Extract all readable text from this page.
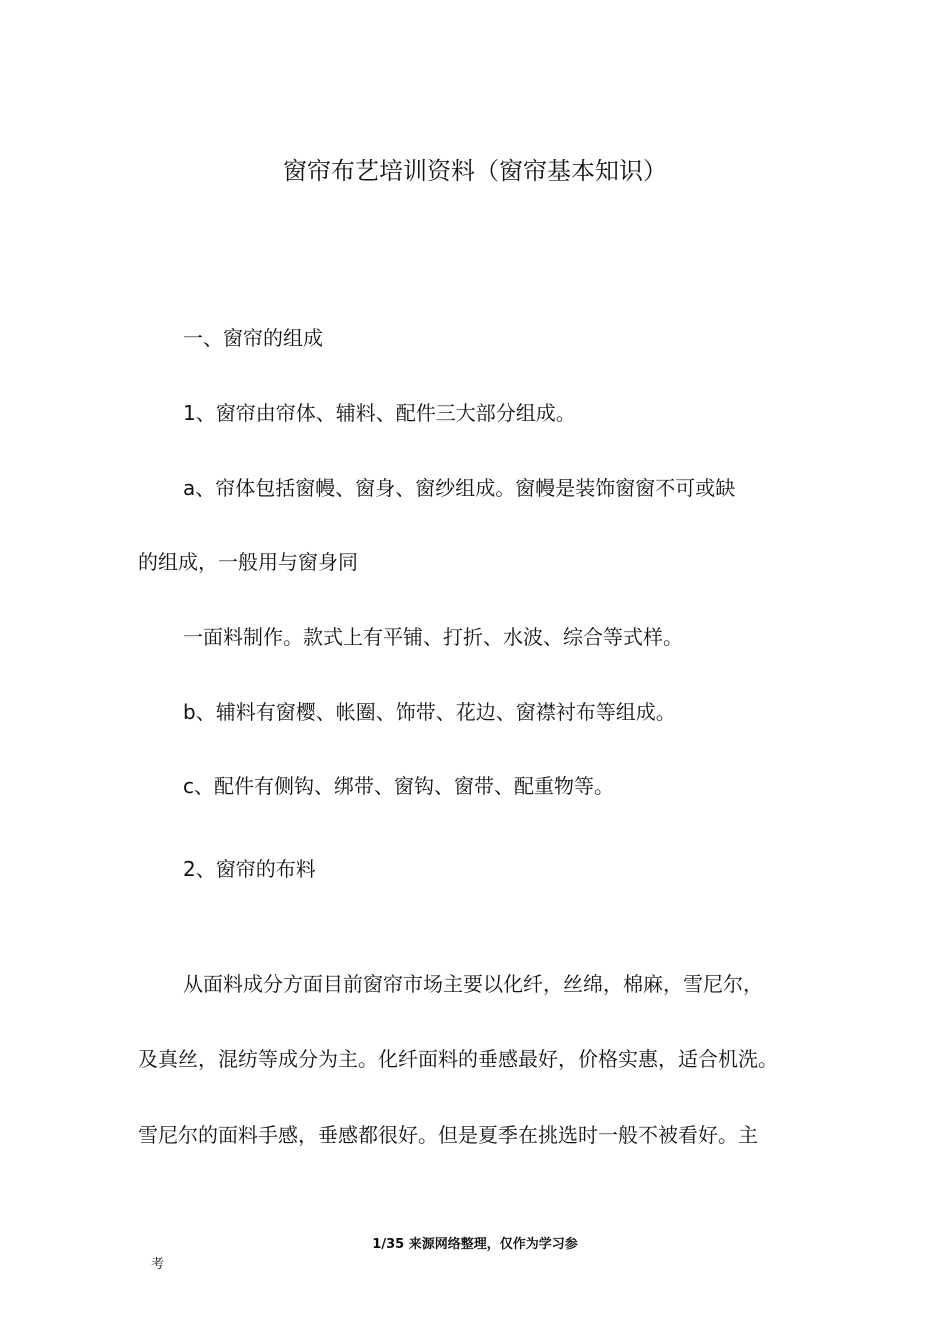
窗帘布艺培训资料（窗帘基本知识）
一、窗帘的组成
1、窗帘由帘体、辅料、配件三大部分组成。
a、帘体包括窗幔、窗身、窗纱组成。窗幔是装饰窗窗不可或缺
的组成，一般用与窗身同
一面料制作。款式上有平铺、打折、水波、综合等式样。
b、辅料有窗樱、帐圈、饰带、花边、窗襟衬布等组成。
c、配件有侧钩、绑带、窗钩、窗带、配重物等。
2、窗帘的布料
从面料成分方面目前窗帘市场主要以化纤，丝绵，棉麻，雪尼尔，
及真丝，混纺等成分为主。化纤面料的垂感最好，价格实惠，适合机洗。
雪尼尔的面料手感，垂感都很好。但是夏季在挑选时一般不被看好。主
1/35 来源网络整理，仅作为学习参
考
